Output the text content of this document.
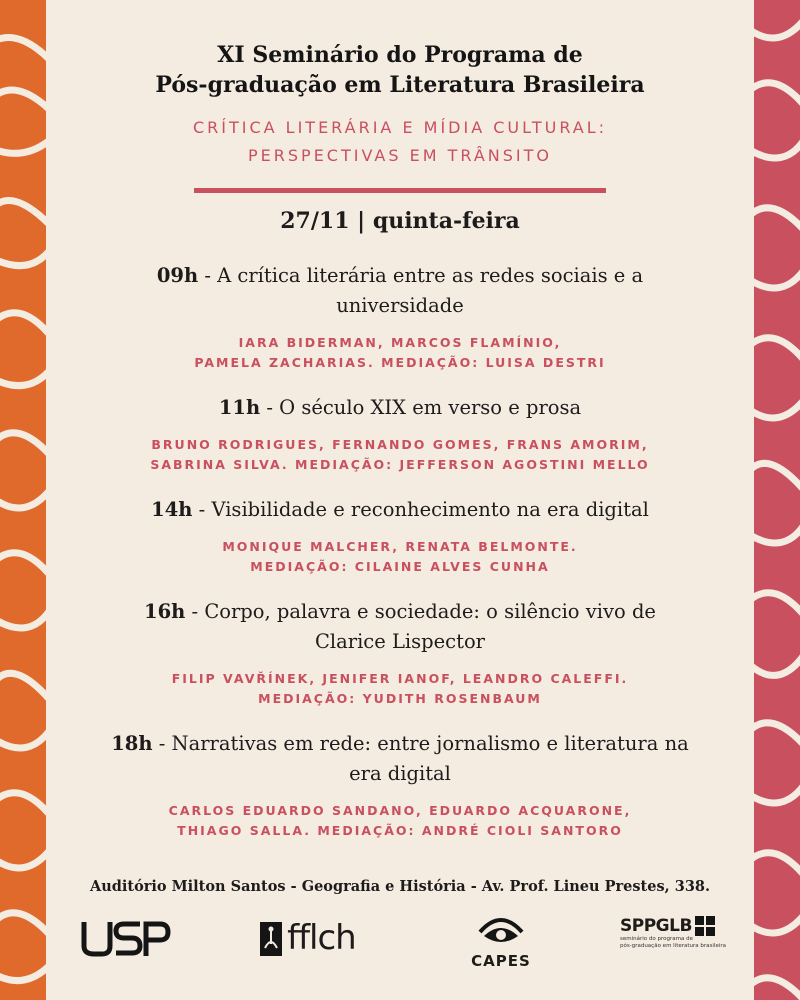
XI Seminário do Programa de
Pós-graduação em Literatura Brasileira
CRÍTICA LITERÁRIA E MÍDIA CULTURAL:
PERSPECTIVAS EM TRÂNSITO
27/11 | quinta-feira
09h - A crítica literária entre as redes sociais e a
universidade
IARA BIDERMAN, MARCOS FLAMÍNIO,
PAMELA ZACHARIAS. MEDIAÇÃO: LUISA DESTRI
11h - O século XIX em verso e prosa
BRUNO RODRIGUES, FERNANDO GOMES, FRANS AMORIM,
SABRINA SILVA. MEDIAÇÃO: JEFFERSON AGOSTINI MELLO
14h - Visibilidade e reconhecimento na era digital
MONIQUE MALCHER, RENATA BELMONTE.
MEDIAÇÃO: CILAINE ALVES CUNHA
16h - Corpo, palavra e sociedade: o silêncio vivo de
Clarice Lispector
FILIP VAVŘÍNEK, JENIFER IANOF, LEANDRO CALEFFI.
MEDIAÇÃO: YUDITH ROSENBAUM
18h - Narrativas em rede: entre jornalismo e literatura na
era digital
CARLOS EDUARDO SANDANO, EDUARDO ACQUARONE,
THIAGO SALLA. MEDIAÇÃO: ANDRÉ CIOLI SANTORO
Auditório Milton Santos - Geografia e História - Av. Prof. Lineu Prestes, 338.
fflch
CAPES
SPPGLB
seminário do programa de
pós-graduação em literatura brasileira
